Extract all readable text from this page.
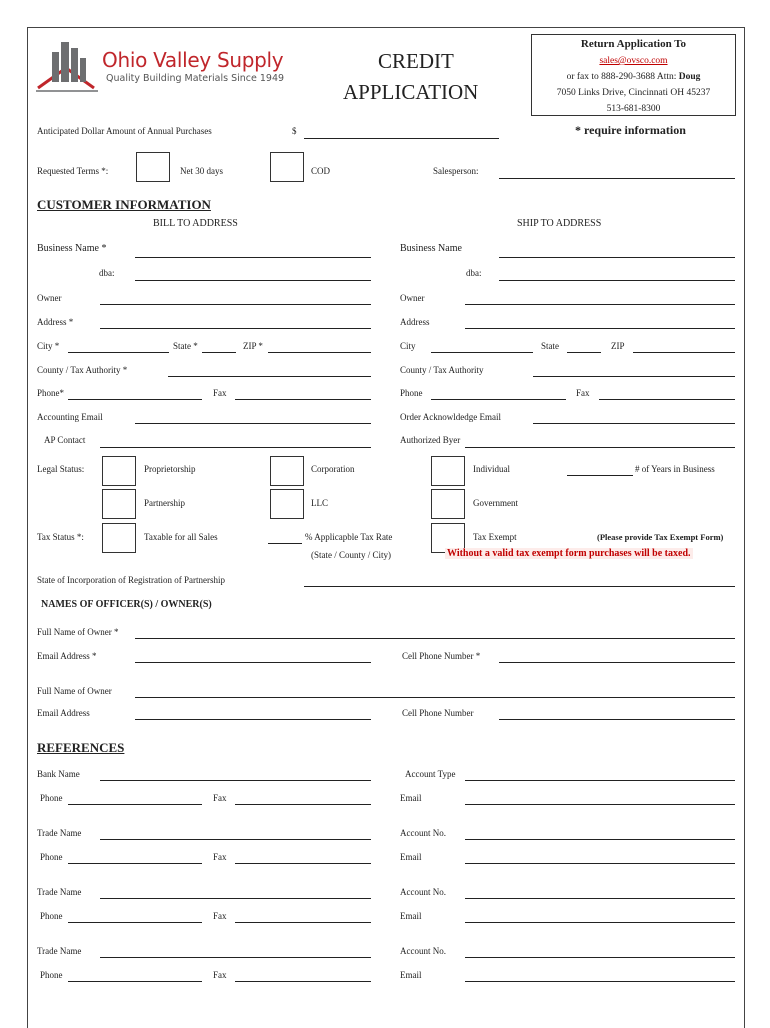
Ohio Valley Supply
Quality Building Materials Since 1949
CREDIT
APPLICATION
Return Application To
sales@ovsco.com
or fax to 888-290-3688 Attn: Doug
7050 Links Drive, Cincinnati OH 45237
513-681-8300
* require information
Anticipated Dollar Amount of Annual Purchases	$
Requested Terms *:	Net 30 days	COD	Salesperson:
CUSTOMER INFORMATION
BILL TO ADDRESS	SHIP TO ADDRESS
Business Name *	Business Name
dba:	dba:
Owner	Owner
Address *	Address
City *	State *	ZIP *	City	State	ZIP
County / Tax Authority *	County / Tax Authority
Phone*	Fax	Phone	Fax
Accounting Email	Order Acknowldedge Email
AP Contact	Authorized Byer
Legal Status:	Proprietorship	Corporation	Individual	# of Years in Business
Partnership	LLC	Government
Tax Status *:	Taxable for all Sales	% Applicapble Tax Rate
(State / County / City)
Tax Exempt	(Please provide Tax Exempt Form)
Without a valid tax exempt form purchases will be taxed.
State of Incorporation of Registration of Partnership
NAMES OF OFFICER(S) / OWNER(S)
Full Name of Owner *
Email Address *	Cell Phone Number *
Full Name of Owner
Email Address	Cell Phone Number
REFERENCES
Bank Name	Account Type
Phone	Fax	Email
Trade Name	Account No.
Phone	Fax	Email
Trade Name	Account No.
Phone	Fax	Email
Trade Name	Account No.
Phone	Fax	Email
